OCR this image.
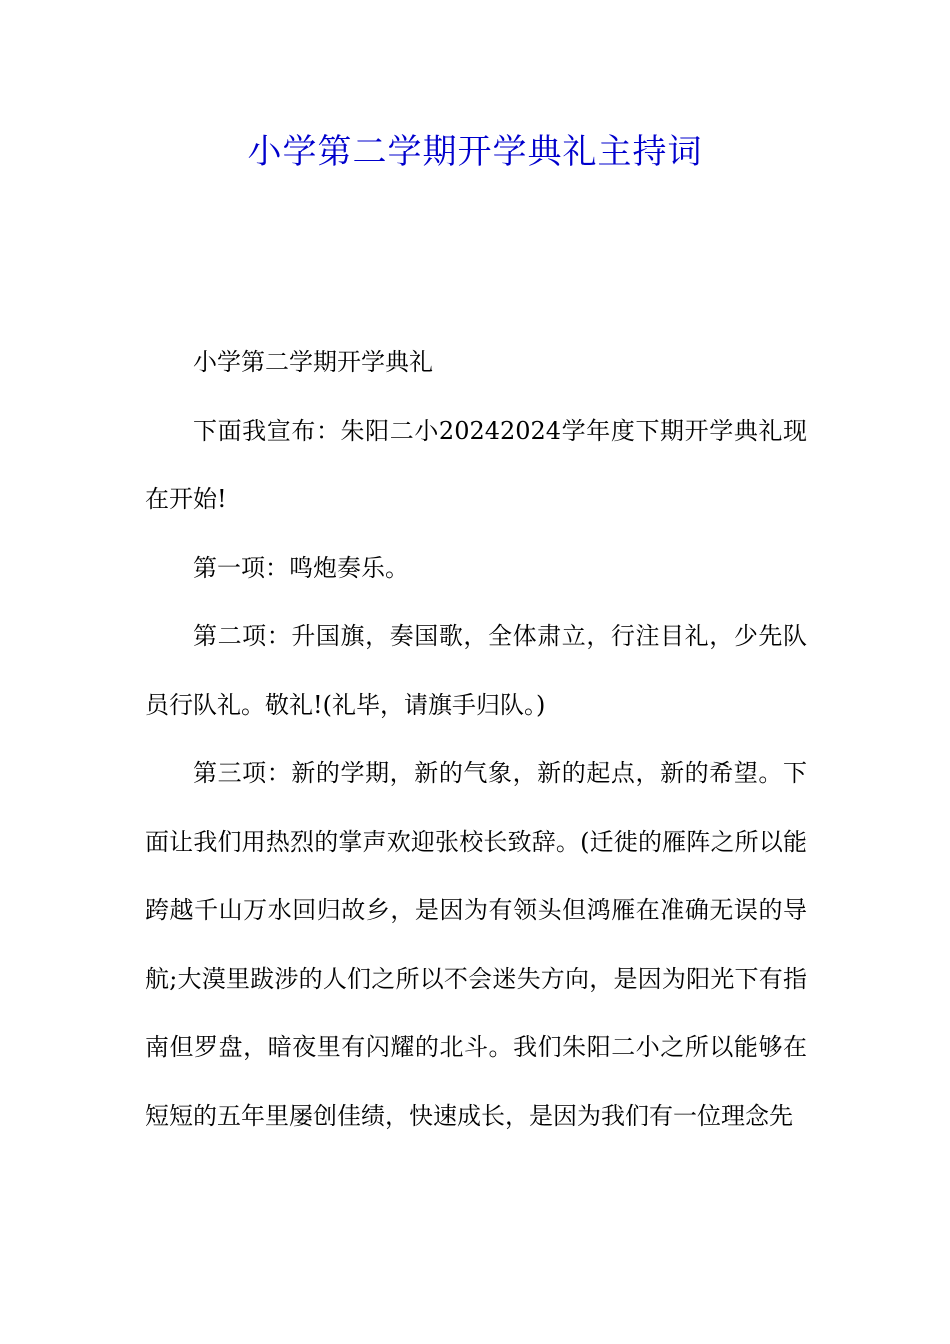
小学第二学期开学典礼主持词

小学第二学期开学典礼

下面我宣布：朱阳二小20242024学年度下期开学典礼现在开始!

第一项：鸣炮奏乐。

第二项：升国旗，奏国歌，全体肃立，行注目礼，少先队员行队礼。敬礼!(礼毕，请旗手归队。)

第三项：新的学期，新的气象，新的起点，新的希望。下面让我们用热烈的掌声欢迎张校长致辞。(迁徙的雁阵之所以能跨越千山万水回归故乡，是因为有领头但鸿雁在准确无误的导航;大漠里跋涉的人们之所以不会迷失方向，是因为阳光下有指南但罗盘，暗夜里有闪耀的北斗。我们朱阳二小之所以能够在短短的五年里屡创佳绩，快速成长，是因为我们有一位理念先
